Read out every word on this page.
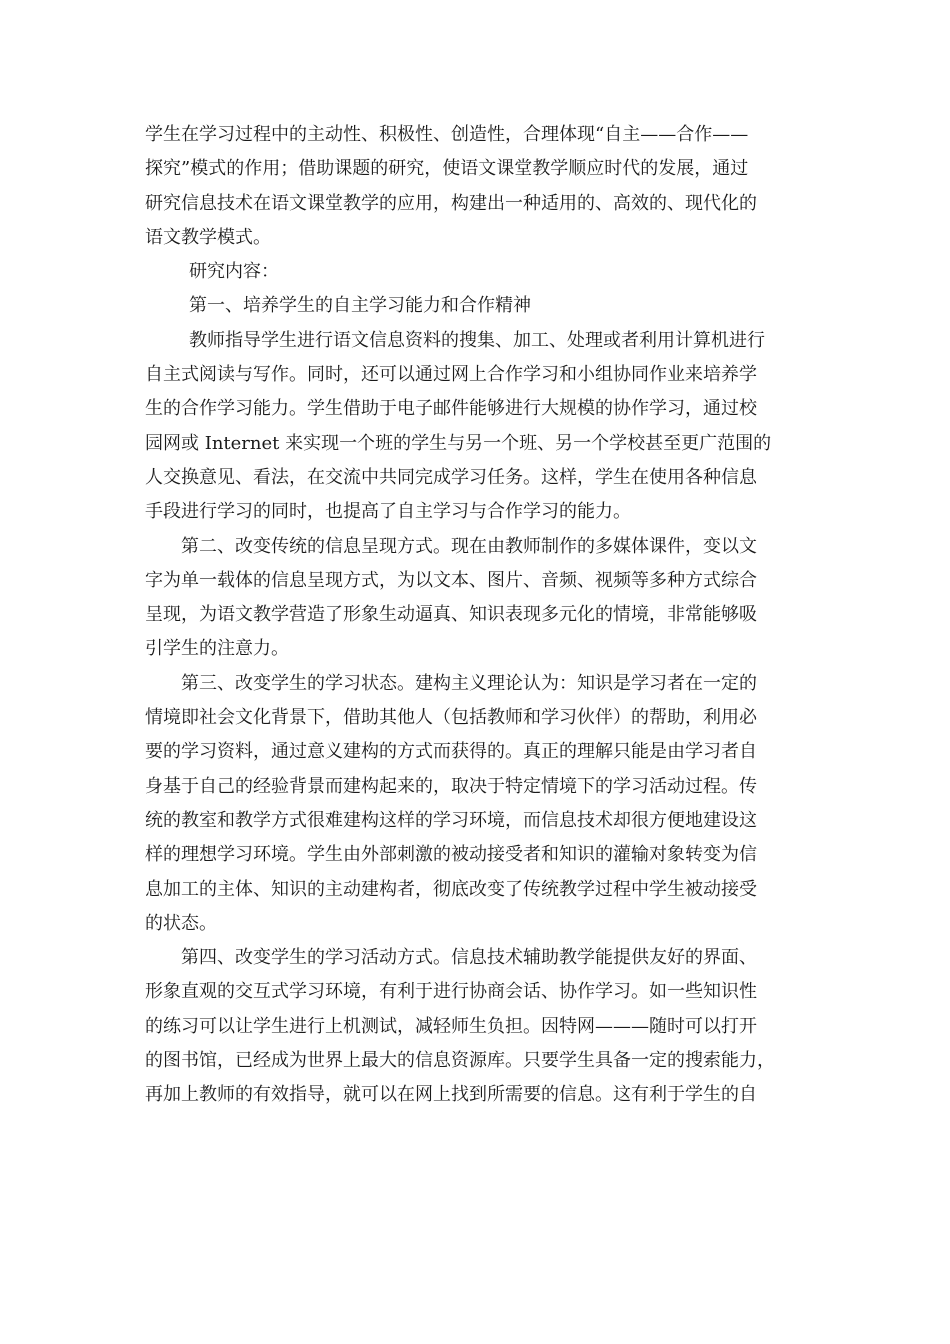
学生在学习过程中的主动性、积极性、创造性，合理体现“自主——合作——
探究”模式的作用；借助课题的研究，使语文课堂教学顺应时代的发展，通过
研究信息技术在语文课堂教学的应用，构建出一种适用的、高效的、现代化的
语文教学模式。
研究内容：
第一、培养学生的自主学习能力和合作精神
教师指导学生进行语文信息资料的搜集、加工、处理或者利用计算机进行
自主式阅读与写作。同时，还可以通过网上合作学习和小组协同作业来培养学
生的合作学习能力。学生借助于电子邮件能够进行大规模的协作学习，通过校
园网或 Internet 来实现一个班的学生与另一个班、另一个学校甚至更广范围的
人交换意见、看法，在交流中共同完成学习任务。这样，学生在使用各种信息
手段进行学习的同时，也提高了自主学习与合作学习的能力。
第二、改变传统的信息呈现方式。现在由教师制作的多媒体课件，变以文
字为单一载体的信息呈现方式，为以文本、图片、音频、视频等多种方式综合
呈现，为语文教学营造了形象生动逼真、知识表现多元化的情境，非常能够吸
引学生的注意力。
第三、改变学生的学习状态。建构主义理论认为：知识是学习者在一定的
情境即社会文化背景下，借助其他人（包括教师和学习伙伴）的帮助，利用必
要的学习资料，通过意义建构的方式而获得的。真正的理解只能是由学习者自
身基于自己的经验背景而建构起来的，取决于特定情境下的学习活动过程。传
统的教室和教学方式很难建构这样的学习环境，而信息技术却很方便地建设这
样的理想学习环境。学生由外部刺激的被动接受者和知识的灌输对象转变为信
息加工的主体、知识的主动建构者，彻底改变了传统教学过程中学生被动接受
的状态。
第四、改变学生的学习活动方式。信息技术辅助教学能提供友好的界面、
形象直观的交互式学习环境，有利于进行协商会话、协作学习。如一些知识性
的练习可以让学生进行上机测试，减轻师生负担。因特网———随时可以打开
的图书馆，已经成为世界上最大的信息资源库。只要学生具备一定的搜索能力，
再加上教师的有效指导，就可以在网上找到所需要的信息。这有利于学生的自
